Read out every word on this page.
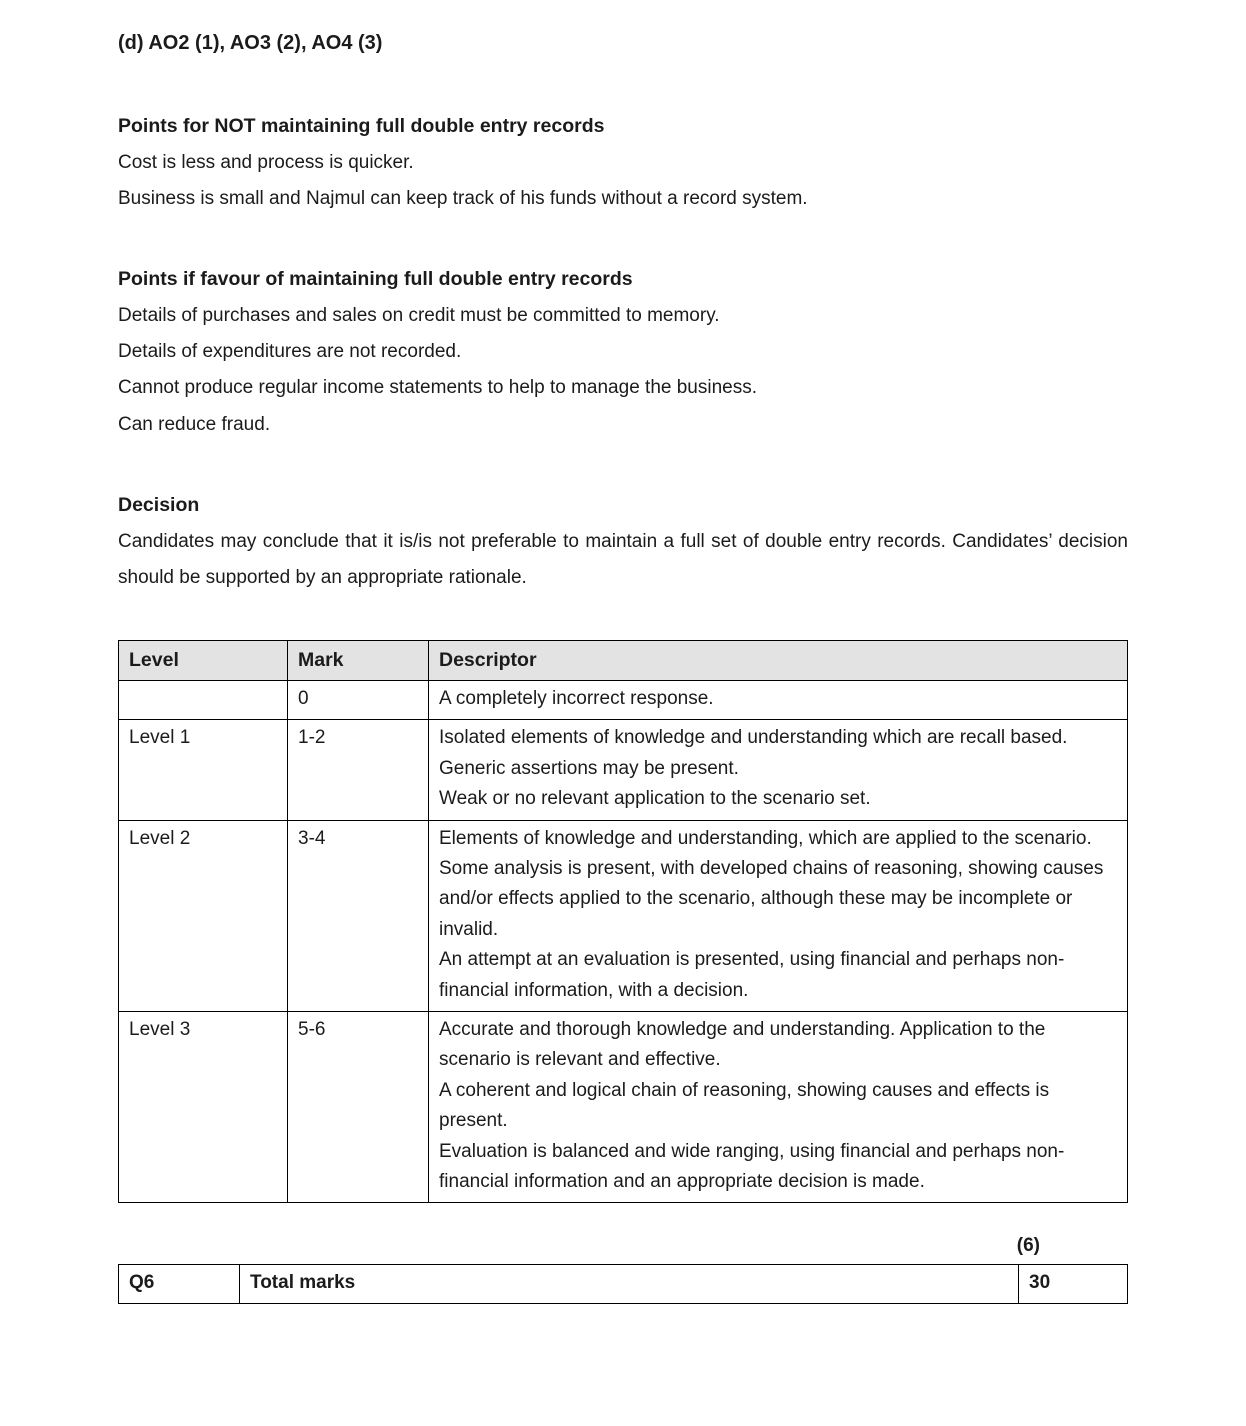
(d) AO2 (1), AO3 (2), AO4 (3)

Points for NOT maintaining full double entry records

Cost is less and process is quicker.

Business is small and Najmul can keep track of his funds without a record system.

Points if favour of maintaining full double entry records

Details of purchases and sales on credit must be committed to memory.

Details of expenditures are not recorded.

Cannot produce regular income statements to help to manage the business.

Can reduce fraud.

Decision

Candidates may conclude that it is/is not preferable to maintain a full set of double entry records. Candidates’ decision should be supported by an appropriate rationale.

Level	Mark	Descriptor
	0	A completely incorrect response.

Level 1	1-2	Isolated elements of knowledge and understanding which are recall based.

Generic assertions may be present.

Weak or no relevant application to the scenario set.

Level 2	3-4	Elements of knowledge and understanding, which are applied to the scenario.

Some analysis is present, with developed chains of reasoning, showing causes and/or effects applied to the scenario, although these may be incomplete or invalid.

An attempt at an evaluation is presented, using financial and perhaps non-financial information, with a decision.

Level 3	5-6	Accurate and thorough knowledge and understanding. Application to the scenario is relevant and effective.

A coherent and logical chain of reasoning, showing causes and effects is present.

Evaluation is balanced and wide ranging, using financial and perhaps non-financial information and an appropriate decision is made.

(6)
Q6	Total marks	30
